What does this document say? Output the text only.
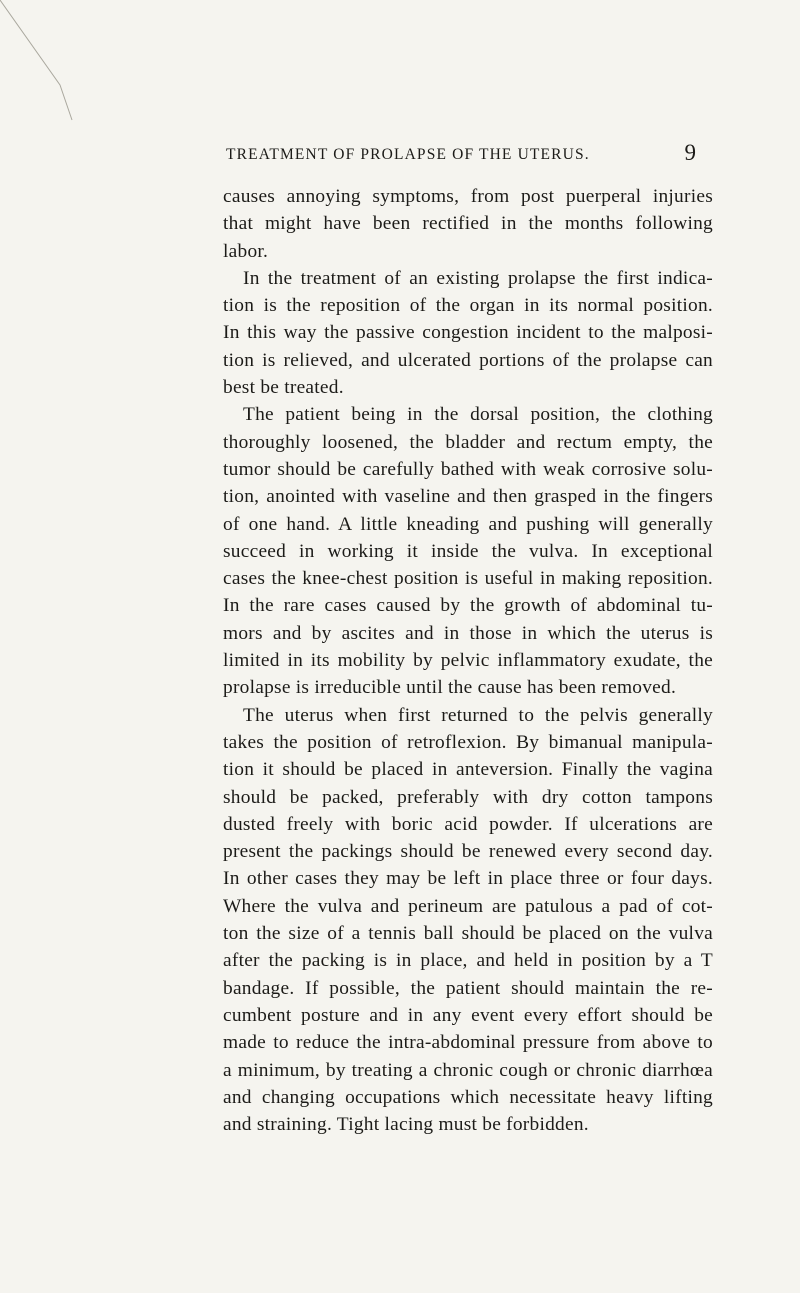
TREATMENT OF PROLAPSE OF THE UTERUS.	9
causes annoying symptoms, from post puerperal injuries
that might have been rectified in the months following
labor.
In the treatment of an existing prolapse the first indica-
tion is the reposition of the organ in its normal position.
In this way the passive congestion incident to the malposi-
tion is relieved, and ulcerated portions of the prolapse can
best be treated.
The patient being in the dorsal position, the clothing
thoroughly loosened, the bladder and rectum empty, the
tumor should be carefully bathed with weak corrosive solu-
tion, anointed with vaseline and then grasped in the fingers
of one hand. A little kneading and pushing will generally
succeed in working it inside the vulva. In exceptional
cases the knee-chest position is useful in making reposition.
In the rare cases caused by the growth of abdominal tu-
mors and by ascites and in those in which the uterus is
limited in its mobility by pelvic inflammatory exudate, the
prolapse is irreducible until the cause has been removed.
The uterus when first returned to the pelvis generally
takes the position of retroflexion. By bimanual manipula-
tion it should be placed in anteversion. Finally the vagina
should be packed, preferably with dry cotton tampons
dusted freely with boric acid powder. If ulcerations are
present the packings should be renewed every second day.
In other cases they may be left in place three or four days.
Where the vulva and perineum are patulous a pad of cot-
ton the size of a tennis ball should be placed on the vulva
after the packing is in place, and held in position by a T
bandage. If possible, the patient should maintain the re-
cumbent posture and in any event every effort should be
made to reduce the intra-abdominal pressure from above to
a minimum, by treating a chronic cough or chronic diarrhœa
and changing occupations which necessitate heavy lifting
and straining. Tight lacing must be forbidden.
